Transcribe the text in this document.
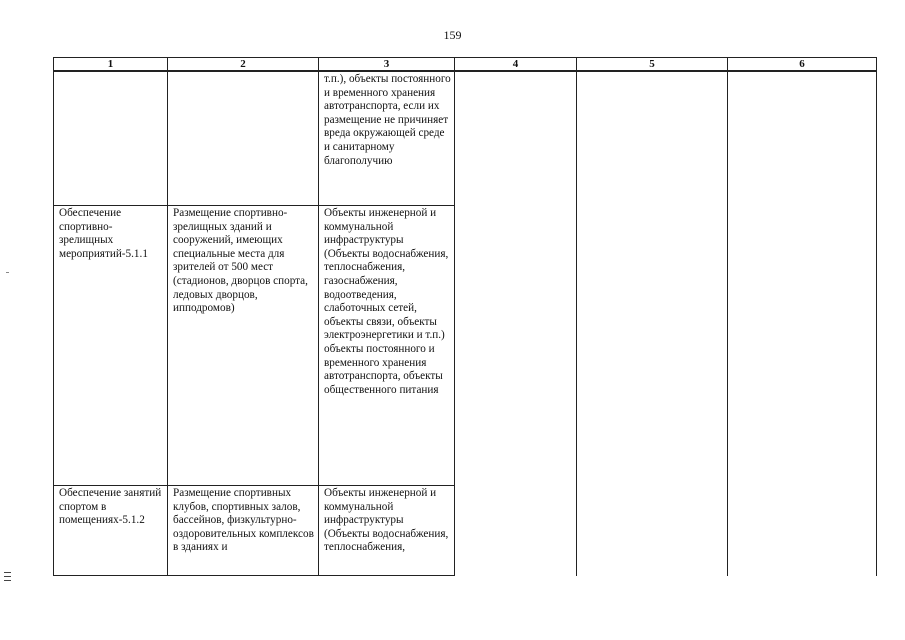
159
1	2	3	4	5	6
		т.п.), объекты постоянного и временного хранения автотранспорта, если их размещение не причиняет вреда окружающей среде и санитарному благополучию			
Обеспечение спортивно-зрелищных мероприятий-5.1.1	Размещение спортивно-зрелищных зданий и сооружений, имеющих специальные места для зрителей от 500 мест (стадионов, дворцов спорта, ледовых дворцов, ипподромов)	Объекты инженерной и коммунальной инфраструктуры (Объекты водоснабжения, теплоснабжения, газоснабжения, водоотведения, слаботочных сетей, объекты связи, объекты электроэнергетики и т.п.) объекты постоянного и временного хранения автотранспорта, объекты общественного питания			
Обеспечение занятий спортом в помещениях-5.1.2	Размещение спортивных клубов, спортивных залов, бассейнов, физкультурно-оздоровительных комплексов в зданиях и	Объекты инженерной и коммунальной инфраструктуры (Объекты водоснабжения, теплоснабжения,			
